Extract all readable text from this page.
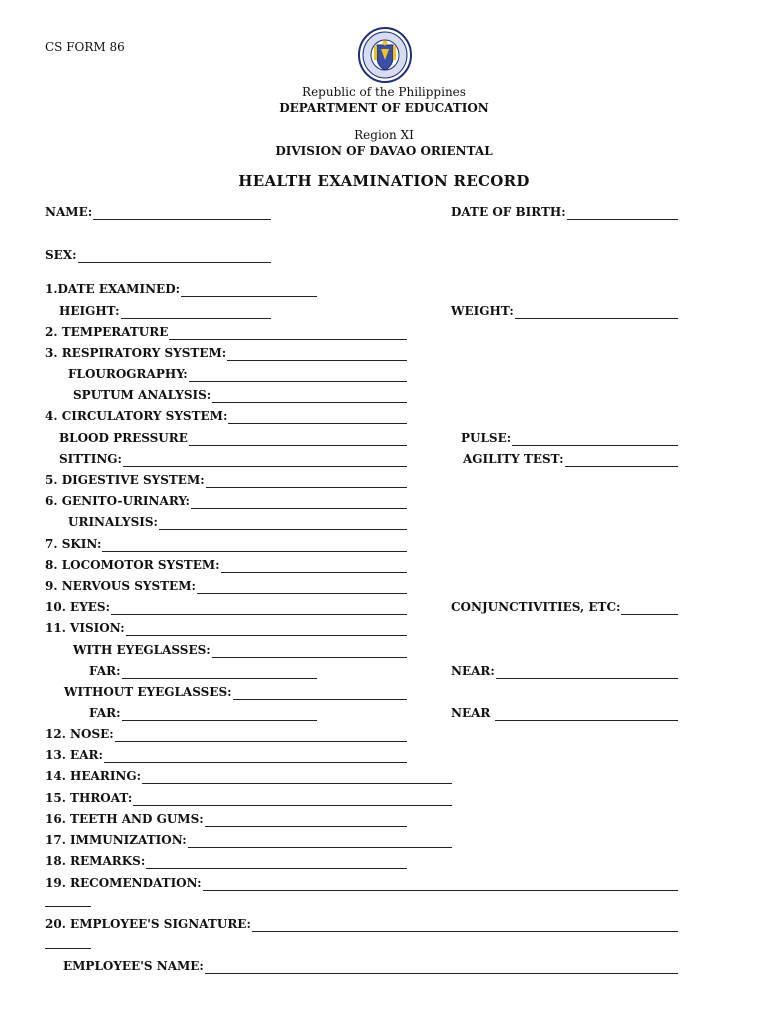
CS FORM 86
Republic of the Philippines
DEPARTMENT OF EDUCATION
Region XI
DIVISION OF DAVAO ORIENTAL
HEALTH EXAMINATION RECORD
NAME:	DATE OF BIRTH:
SEX:
1.DATE EXAMINED:
HEIGHT:	WEIGHT:
2. TEMPERATURE
3. RESPIRATORY SYSTEM:
FLOUROGRAPHY:
SPUTUM ANALYSIS:
4. CIRCULATORY SYSTEM:
BLOOD PRESSURE	PULSE:
SITTING:	AGILITY TEST:
5. DIGESTIVE SYSTEM:
6. GENITO-URINARY:
URINALYSIS:
7. SKIN:
8. LOCOMOTOR SYSTEM:
9. NERVOUS SYSTEM:
10. EYES:	CONJUNCTIVITIES, ETC:
11. VISION:
WITH EYEGLASSES:
FAR:	NEAR:
WITHOUT EYEGLASSES:
FAR:	NEAR
12. NOSE:
13. EAR:
14. HEARING:
15. THROAT:
16. TEETH AND GUMS:
17. IMMUNIZATION:
18. REMARKS:
19. RECOMENDATION:
20. EMPLOYEE'S SIGNATURE:
EMPLOYEE'S NAME:
